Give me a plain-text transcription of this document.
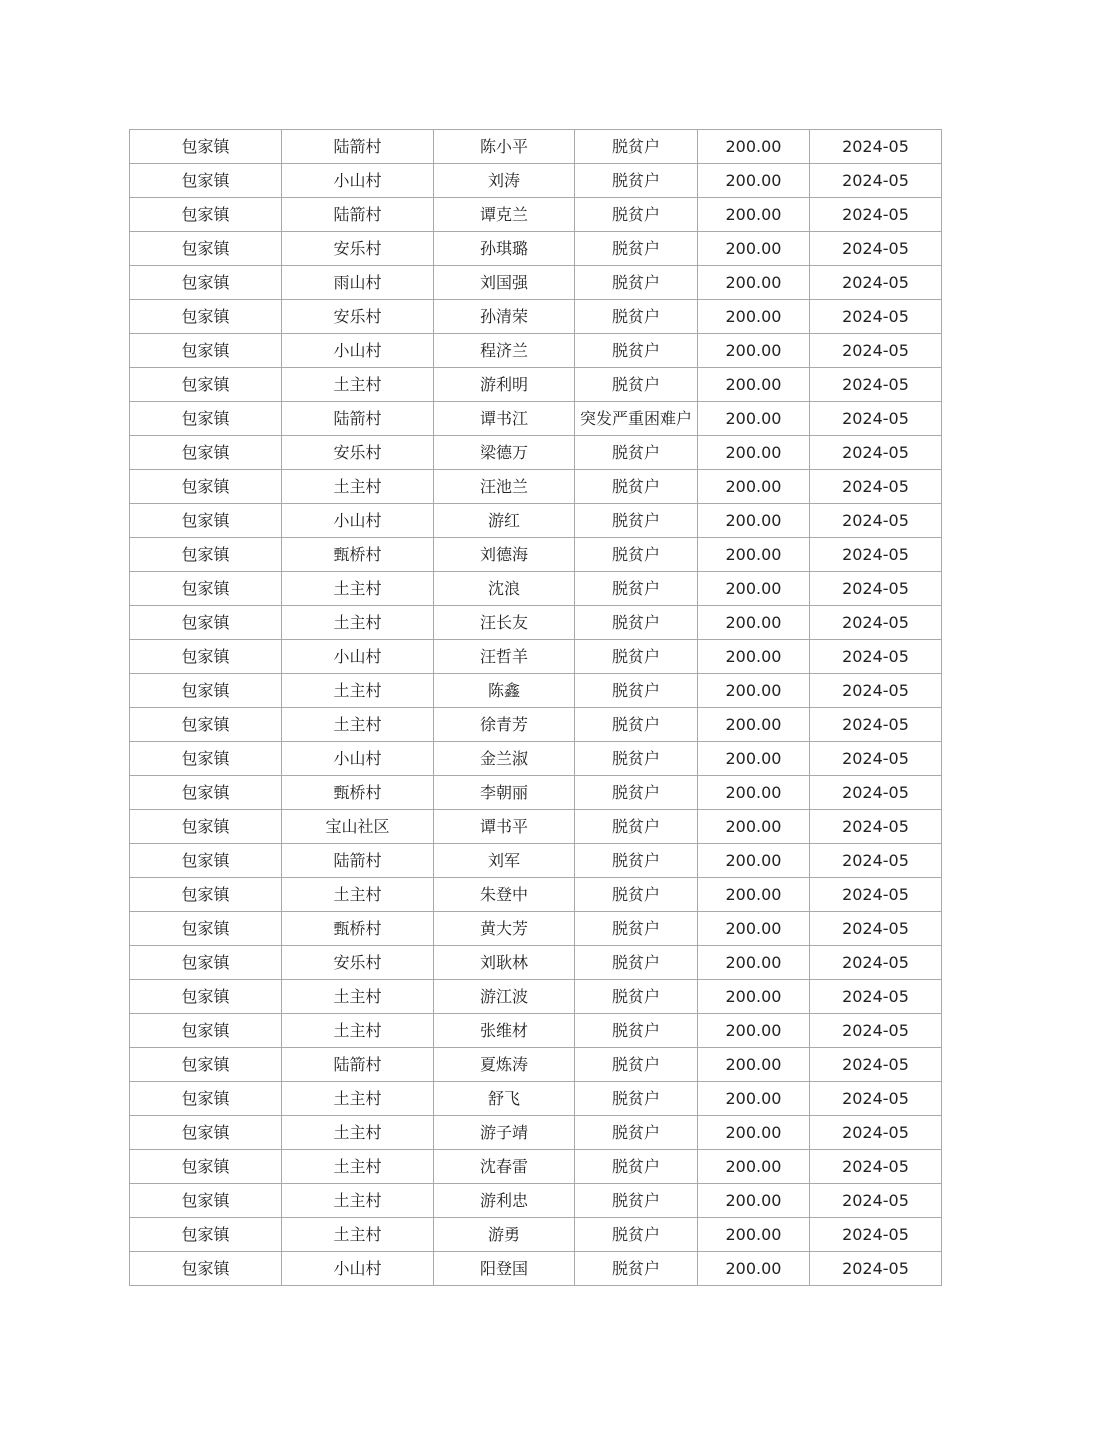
包家镇	陆箭村	陈小平	脱贫户	200.00	2024-05
包家镇	小山村	刘涛	脱贫户	200.00	2024-05
包家镇	陆箭村	谭克兰	脱贫户	200.00	2024-05
包家镇	安乐村	孙琪璐	脱贫户	200.00	2024-05
包家镇	雨山村	刘国强	脱贫户	200.00	2024-05
包家镇	安乐村	孙清荣	脱贫户	200.00	2024-05
包家镇	小山村	程济兰	脱贫户	200.00	2024-05
包家镇	土主村	游利明	脱贫户	200.00	2024-05
包家镇	陆箭村	谭书江	突发严重困难户	200.00	2024-05
包家镇	安乐村	梁德万	脱贫户	200.00	2024-05
包家镇	土主村	汪池兰	脱贫户	200.00	2024-05
包家镇	小山村	游红	脱贫户	200.00	2024-05
包家镇	甄桥村	刘德海	脱贫户	200.00	2024-05
包家镇	土主村	沈浪	脱贫户	200.00	2024-05
包家镇	土主村	汪长友	脱贫户	200.00	2024-05
包家镇	小山村	汪哲羊	脱贫户	200.00	2024-05
包家镇	土主村	陈鑫	脱贫户	200.00	2024-05
包家镇	土主村	徐青芳	脱贫户	200.00	2024-05
包家镇	小山村	金兰淑	脱贫户	200.00	2024-05
包家镇	甄桥村	李朝丽	脱贫户	200.00	2024-05
包家镇	宝山社区	谭书平	脱贫户	200.00	2024-05
包家镇	陆箭村	刘军	脱贫户	200.00	2024-05
包家镇	土主村	朱登中	脱贫户	200.00	2024-05
包家镇	甄桥村	黄大芳	脱贫户	200.00	2024-05
包家镇	安乐村	刘耿林	脱贫户	200.00	2024-05
包家镇	土主村	游江波	脱贫户	200.00	2024-05
包家镇	土主村	张维材	脱贫户	200.00	2024-05
包家镇	陆箭村	夏炼涛	脱贫户	200.00	2024-05
包家镇	土主村	舒飞	脱贫户	200.00	2024-05
包家镇	土主村	游子靖	脱贫户	200.00	2024-05
包家镇	土主村	沈春雷	脱贫户	200.00	2024-05
包家镇	土主村	游利忠	脱贫户	200.00	2024-05
包家镇	土主村	游勇	脱贫户	200.00	2024-05
包家镇	小山村	阳登国	脱贫户	200.00	2024-05
